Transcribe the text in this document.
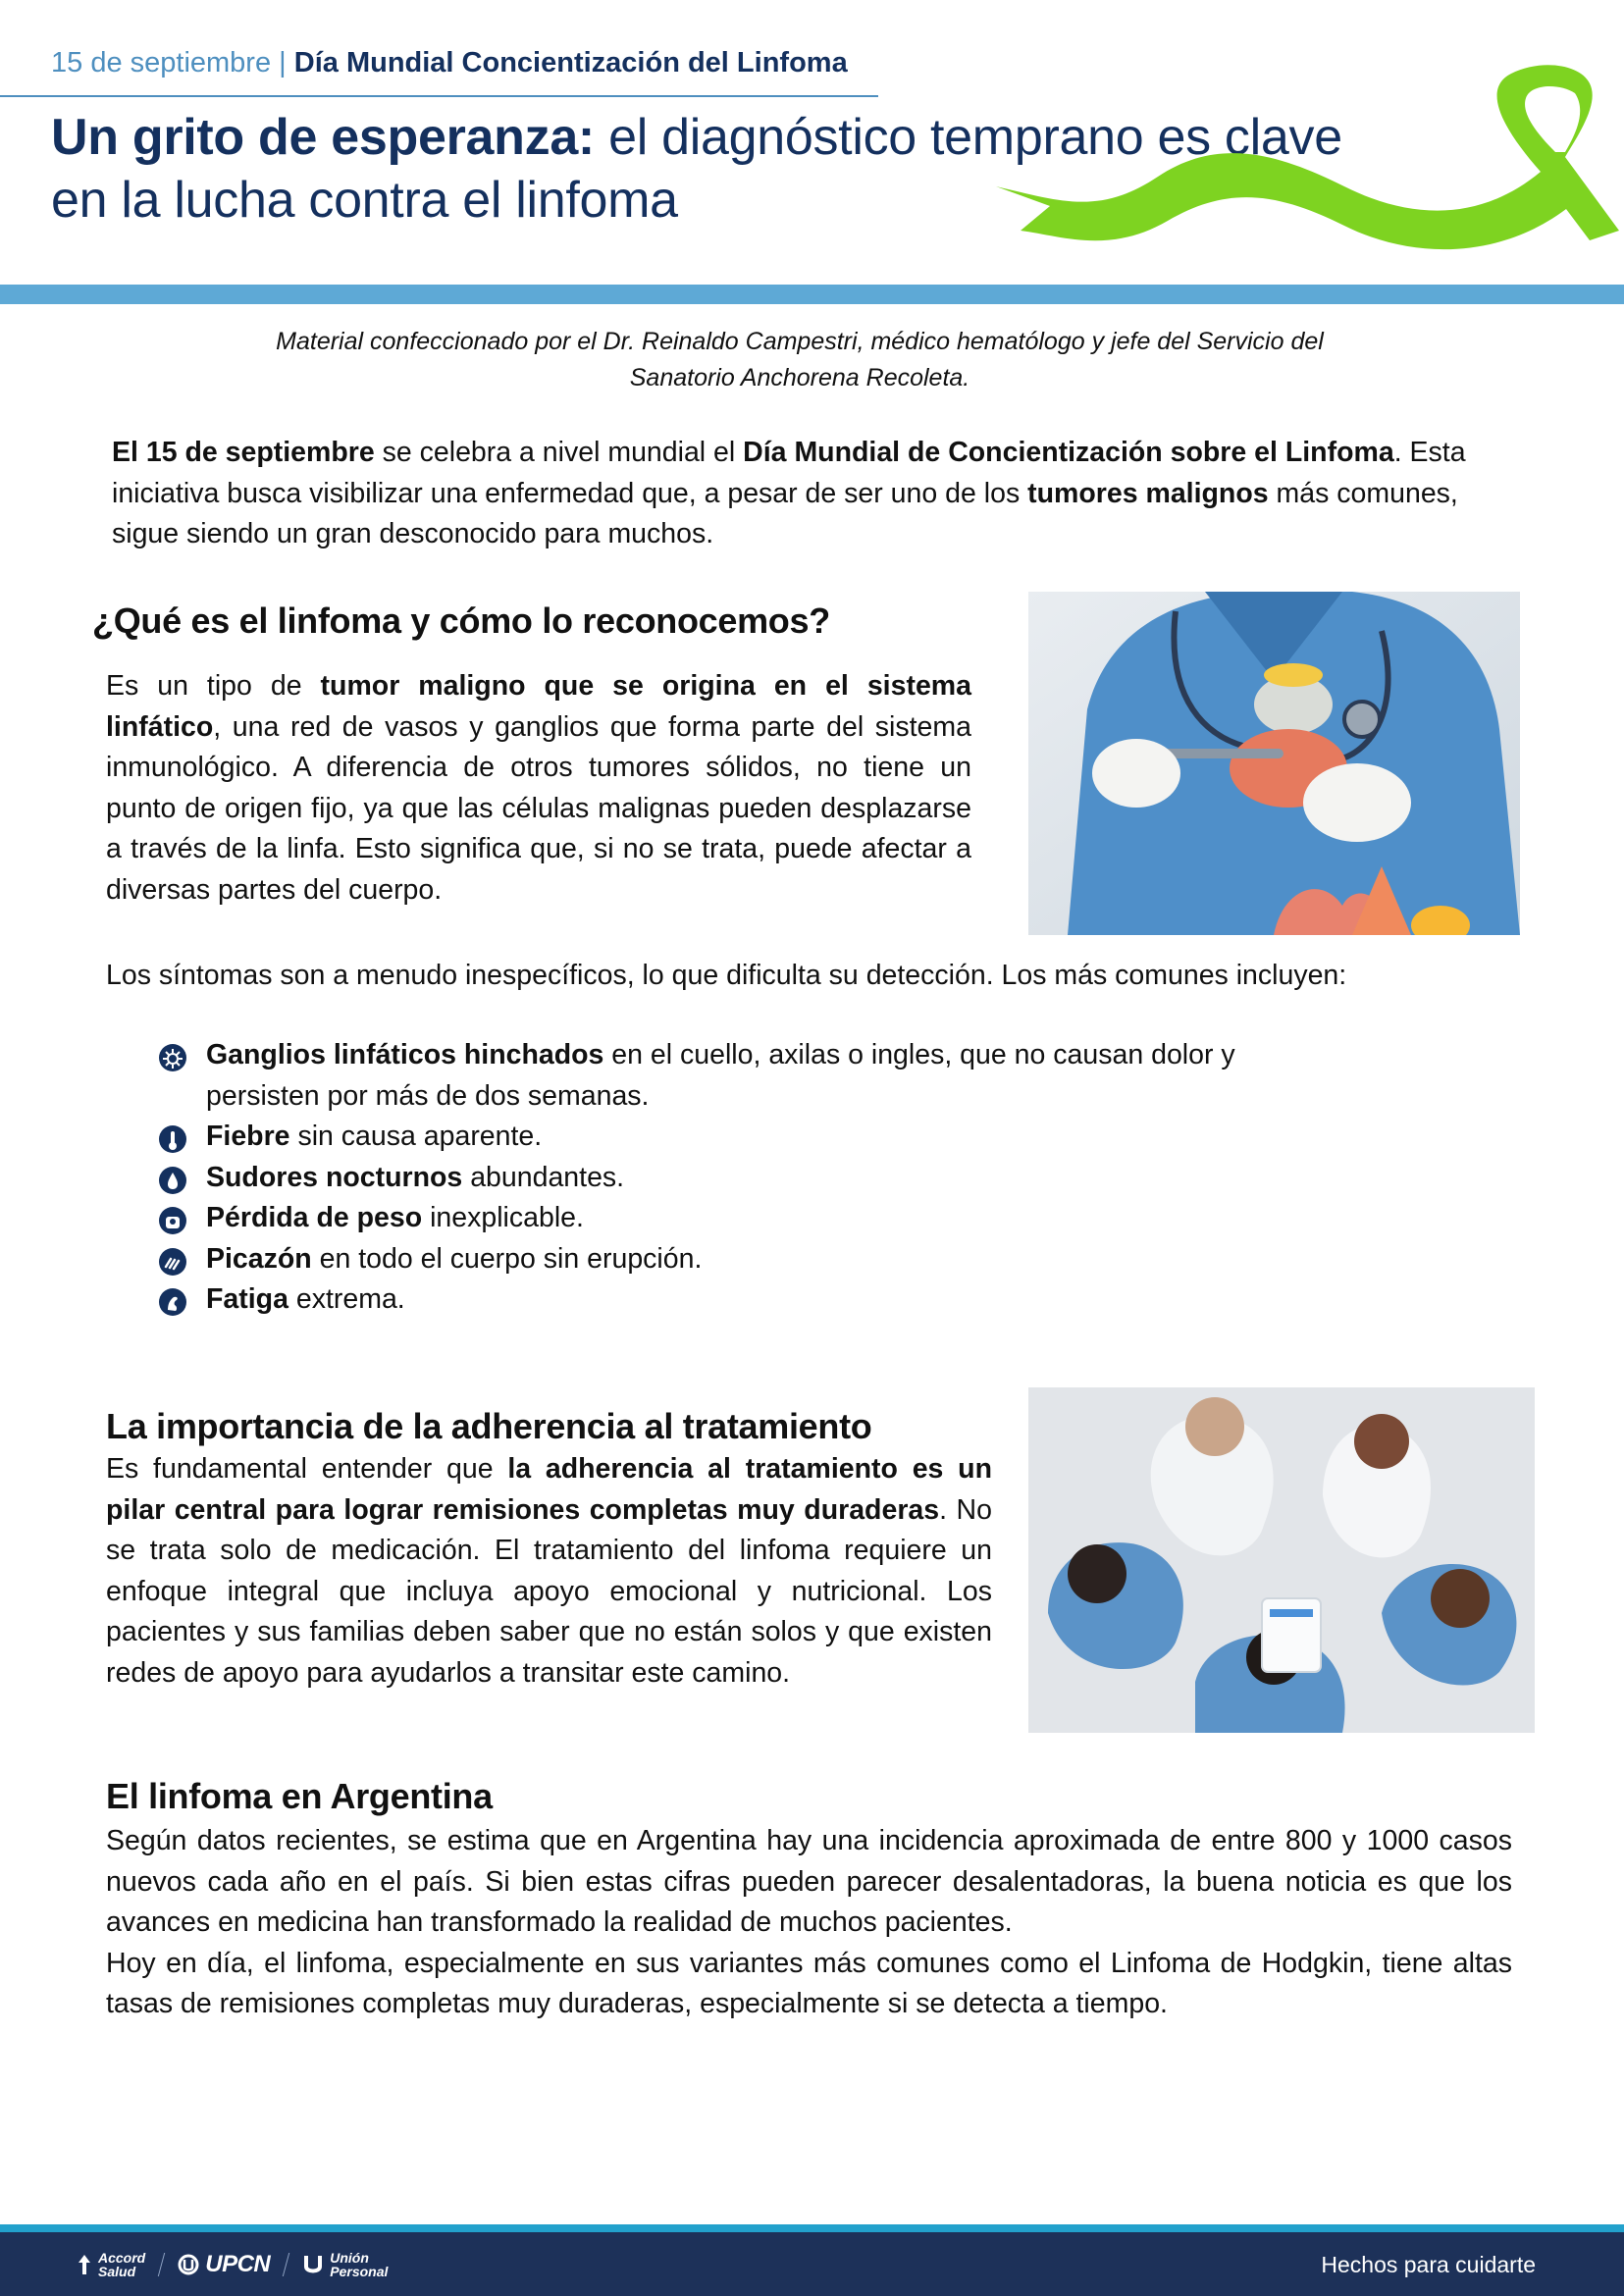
15 de septiembre | Día Mundial Concientización del Linfoma
Un grito de esperanza: el diagnóstico temprano es clave
en la lucha contra el linfoma
Material confeccionado por el Dr. Reinaldo Campestri, médico hematólogo y jefe del Servicio del
Sanatorio Anchorena Recoleta.
El 15 de septiembre se celebra a nivel mundial el Día Mundial de Concientización sobre el Linfoma. Esta iniciativa busca visibilizar una enfermedad que, a pesar de ser uno de los tumores malignos más comunes, sigue siendo un gran desconocido para muchos.
¿Qué es el linfoma y cómo lo reconocemos?
Es un tipo de tumor maligno que se origina en el sistema linfático, una red de vasos y ganglios que forma parte del sistema inmunológico. A diferencia de otros tumores sólidos, no tiene un punto de origen fijo, ya que las células malignas pueden desplazarse a través de la linfa. Esto significa que, si no se trata, puede afectar a diversas partes del cuerpo.
Los síntomas son a menudo inespecíficos, lo que dificulta su detección. Los más comunes incluyen:
Ganglios linfáticos hinchados en el cuello, axilas o ingles, que no causan dolor y persisten por más de dos semanas.
Fiebre sin causa aparente.
Sudores nocturnos abundantes.
Pérdida de peso inexplicable.
Picazón en todo el cuerpo sin erupción.
Fatiga extrema.
La importancia de la adherencia al tratamiento
Es fundamental entender que la adherencia al tratamiento es un pilar central para lograr remisiones completas muy duraderas. No se trata solo de medicación. El tratamiento del linfoma requiere un enfoque integral que incluya apoyo emocional y nutricional. Los pacientes y sus familias deben saber que no están solos y que existen redes de apoyo para ayudarlos a transitar este camino.
El linfoma en Argentina
Según datos recientes, se estima que en Argentina hay una incidencia aproximada de entre 800 y 1000 casos nuevos cada año en el país. Si bien estas cifras pueden parecer desalentadoras, la buena noticia es que los avances en medicina han transformado la realidad de muchos pacientes.
Hoy en día, el linfoma, especialmente en sus variantes más comunes como el Linfoma de Hodgkin, tiene altas tasas de remisiones completas muy duraderas, especialmente si se detecta a tiempo.
Accord
Salud	UPCN	Unión
Personal	Hechos para cuidarte
